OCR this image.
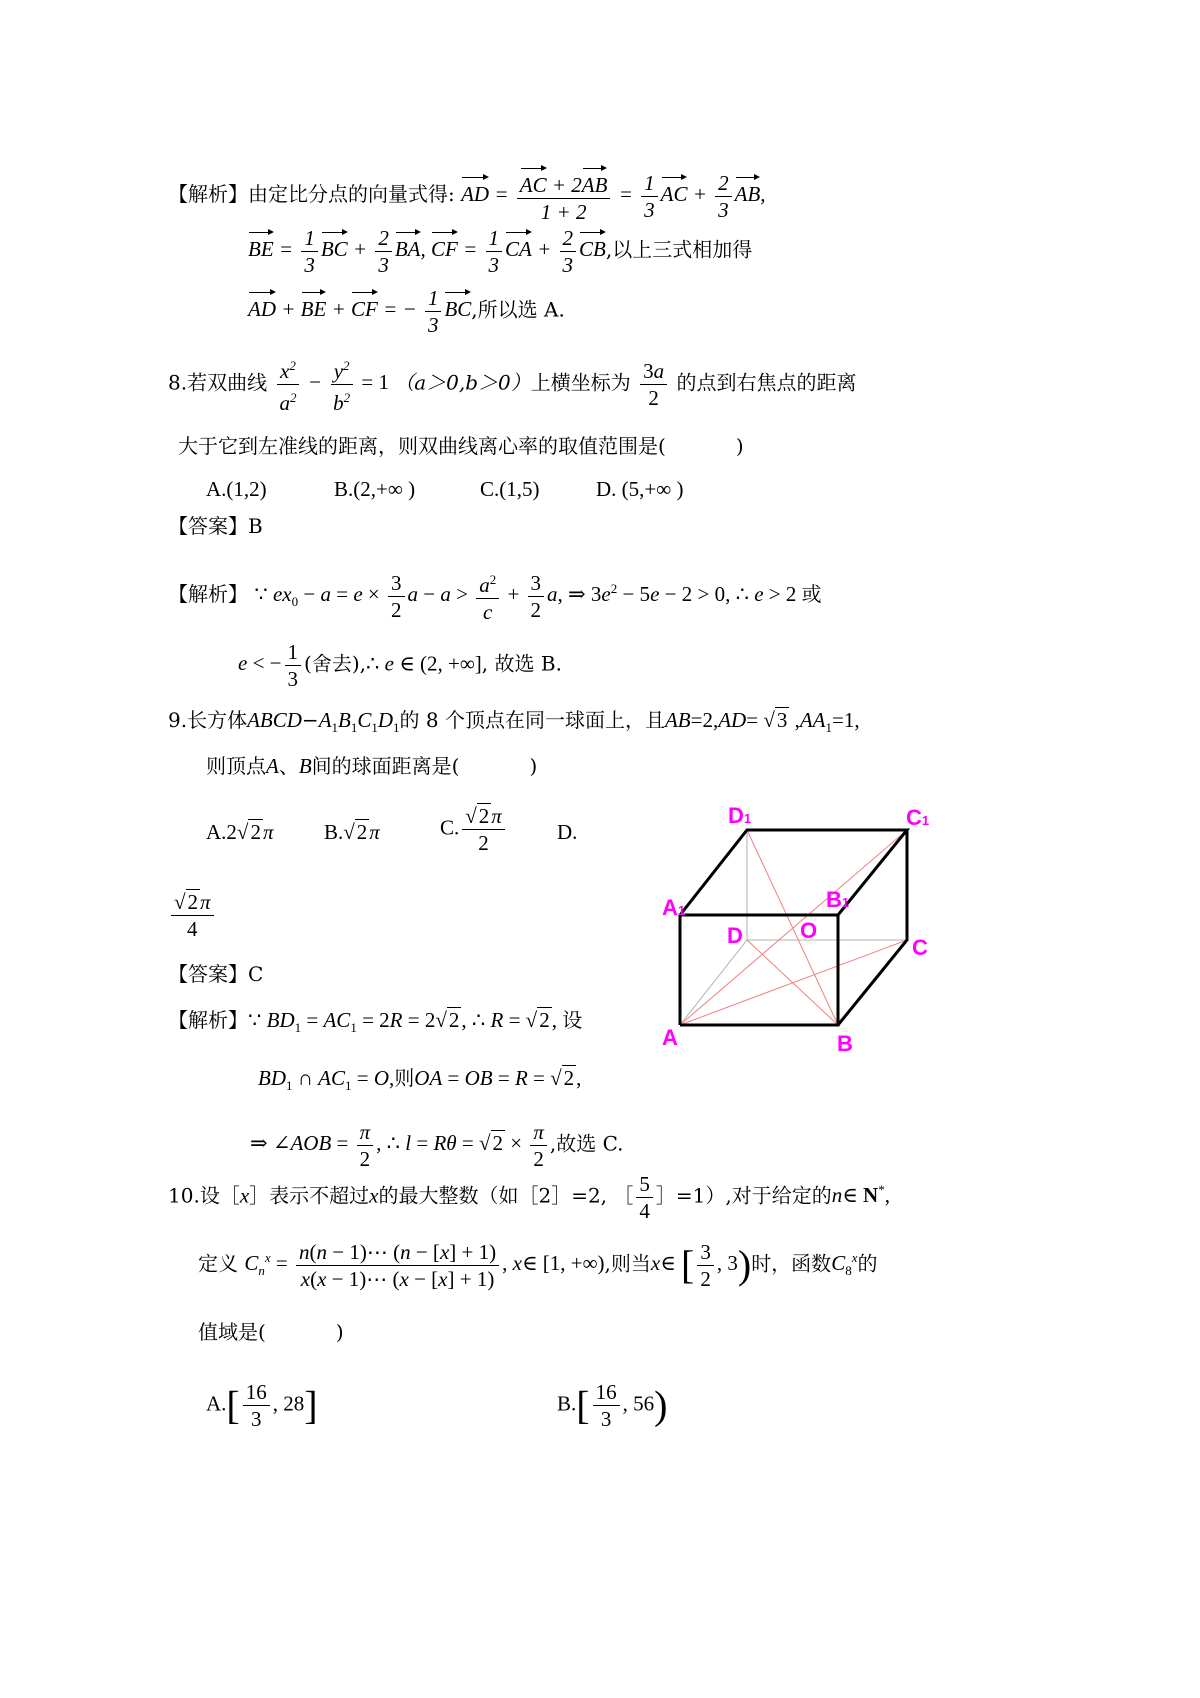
【解析】由定比分点的向量式得: AD = $\frac{AC + 2AB}{1 + 2} = \frac{1}{3}$ AC + $\frac{2}{3}$ AB,
BE = $\frac{1}{3}$ BC + $\frac{2}{3}$ BA, CF = $\frac{1}{3}$ CA + $\frac{2}{3}$ CB,以上三式相加得
AD + BE + CF = − $\frac{1}{3}$ BC,所以选 A.
8.若双曲线 $\frac{x^2}{a^2} - \frac{y^2}{b^2} = 1$ （a＞0,b＞0）上横坐标为 $\frac{3a}{2}$ 的点到右焦点的距离
大于它到左准线的距离，则双曲线离心率的取值范围是(	)
A.(1,2)	B.(2,+∞ )	C.(1,5)	D. (5,+∞ )
【答案】B
【解析】 ∵ $ex_0 - a = e \times \frac{3}{2}$ $a - a > \frac{a^2}{c} + \frac{3}{2} a$, ⇒ $3e^2 - 5e - 2 > 0$, ∴ e > 2 或
e < − $\frac{1}{3}$ (舍去),∴ e ∈ (2, +∞], 故选 B.
9.长方体$ABCD-A_1B_1C_1D_1$的 8 个顶点在同一球面上，且AB=2,AD= √3 $,AA_1=1$,
则顶点A、B间的球面距离是(	)
A.2√2π B.√2π	C. $\frac{√2\pi}{2} D$.
$\frac{√2\pi}{4}$
【答案】C
【解析】∵ $BD_1 = AC_1 = 2R = 2√2$, ∴ R = √2, 设
$BD_1$ ∩ $AC_1 = O$,则OA = OB = R = √2,
⇒ ∠AOB = $\frac{\pi}{2}$ , ∴ $l = R\theta = √2 \times \frac{\pi}{2}$ ,故选 C.
D1	C1
A1	B1
D	O
C
A	B
10.设［x］表示不超过x的最大整数（如［2］=2, ［ $\frac{5}{4}$ ］=1）,对于给定的n∈ N*,
定义 $C_n^x = \frac{n(n - 1)\cdots (n - [x] + 1)}{x(x - 1)\cdots (x - [x] + 1)}$ , x∈ [1, +∞),则当x∈ [ $\frac{3}{2}$ , 3)时，函数$C_8^x$的
值域是(	)
$A.[ \frac{16}{3}$ , 28]	$B.[ \frac{16}{3}$ , 56)
